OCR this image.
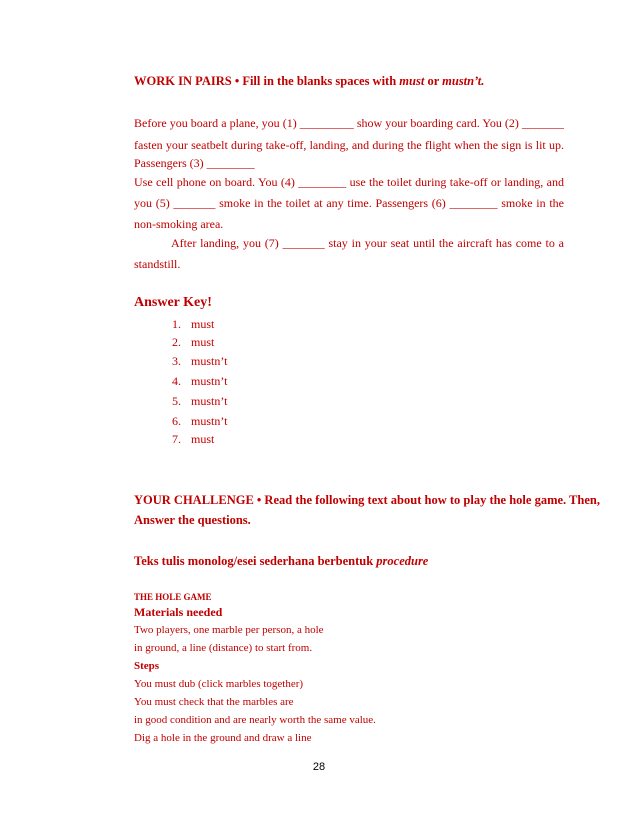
WORK IN PAIRS • Fill in the blanks spaces with must or mustn’t.
Before you board a plane, you (1) _________ show your boarding card. You (2) _______
fasten your seatbelt during take-off, landing, and during the flight when the sign is lit up.
Passengers (3) ________
Use cell phone on board. You (4) ________ use the toilet during take-off or landing, and
you (5) _______ smoke in the toilet at any time. Passengers (6) ________ smoke in the
non-smoking area.
After landing, you (7) _______ stay in your seat until the aircraft has come to a
standstill.
Answer Key!
1. must
2. must
3. mustn’t
4. mustn’t
5. mustn’t
6. mustn’t
7. must
YOUR CHALLENGE • Read the following text about how to play the hole game. Then,
Answer the questions.
Teks tulis monolog/esei sederhana berbentuk procedure
THE HOLE GAME
Materials needed
Two players, one marble per person, a hole
in ground, a line (distance) to start from.
Steps
You must dub (click marbles together)
You must check that the marbles are
in good condition and are nearly worth the same value.
Dig a hole in the ground and draw a line
28
